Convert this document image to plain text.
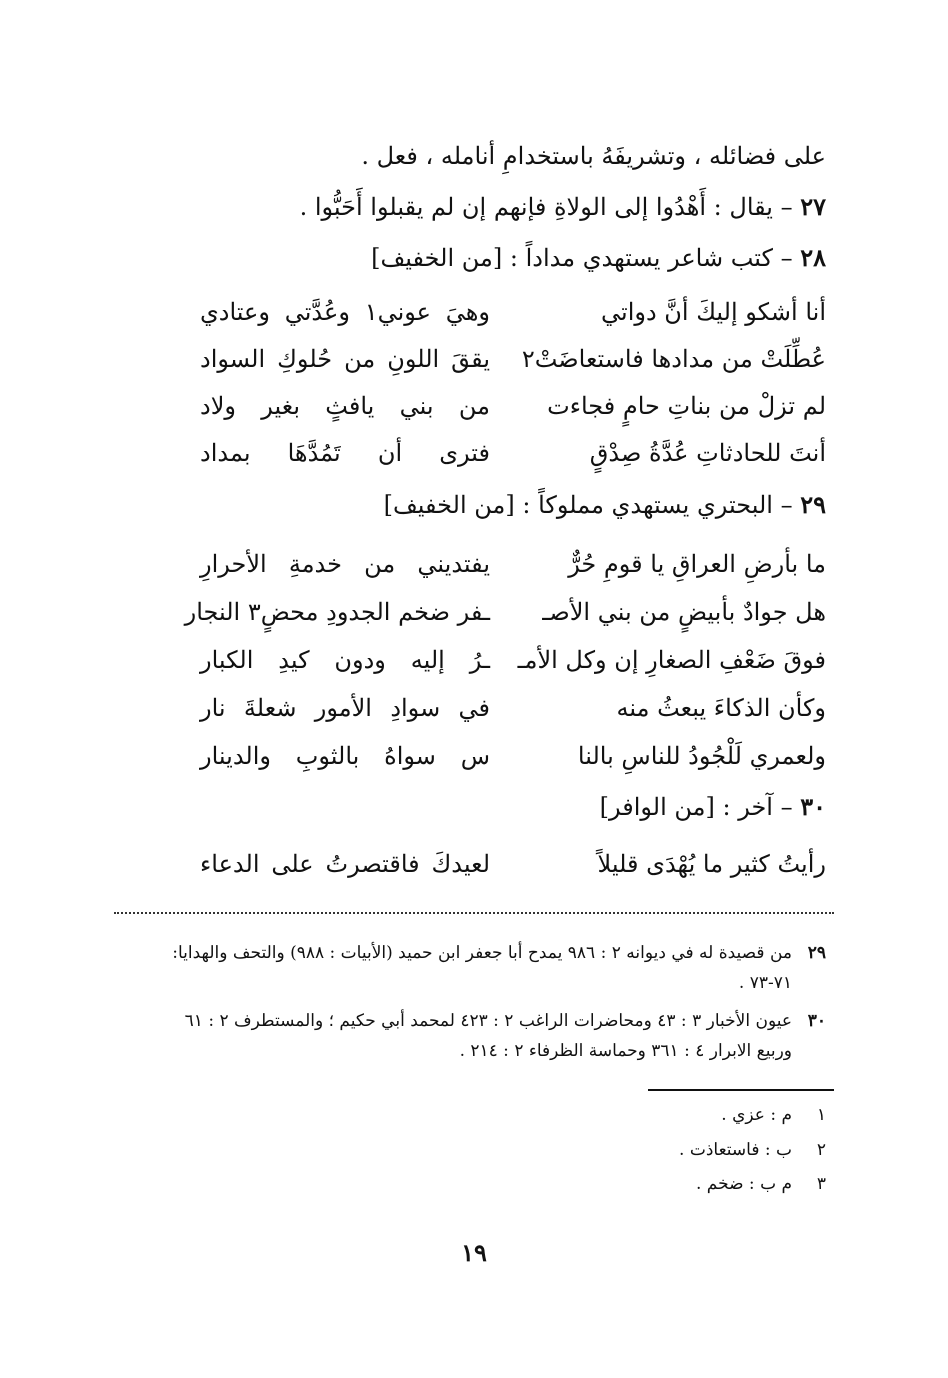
على فضائله ، وتشريفَهُ باستخدامِ أنامله ، فعل .
٢٧ – يقال : أَهْدُوا إلى الولاةِ فإنهم إن لم يقبلوا أَحَبُّوا .
٢٨ – كتب شاعر يستهدي مداداً : [من الخفيف]
أنا أشكو إليكَ أنَّ دواتي
وهيَ عوني١ وعُدَّتي وعتادي
عُطِّلَتْ من مدادها فاستعاضَتْ٢
يققَ اللونِ من حُلوكِ السواد
لم تزلْ من بناتِ حامٍ فجاءت
من بني يافثٍ بغير ولاد
أنتَ للحادثاتِ عُدَّةُ صِدْقٍ
فترى أن تَمُدَّهَا بمداد
٢٩ – البحتري يستهدي مملوكاً : [من الخفيف]
ما بأرضِ العراقِ يا قومِ حُرٌّ
يفتديني من خدمةِ الأحرارِ
هل جوادٌ بأبيضٍ من بني الأصـ
ـفر ضخم الجدودِ محضٍ٣ النجار
فوقَ ضَعْفِ الصغارِ إن وكل الأمـ
ـرُ إليه ودون كيدِ الكبار
وكأن الذكاءَ يبعثُ منه
في سوادِ الأمور شعلةَ نار
ولعمري لَلْجُودُ للناسِ بالنا
س سواهُ بالثوبِ والدينار
٣٠ – آخر : [من الوافر]
رأيتُ كثير ما يُهْدَى قليلاً
لعيدكَ فاقتصرتُ على الدعاء
٢٩
من قصيدة له في ديوانه ٢ : ٩٨٦ يمدح أبا جعفر ابن حميد (الأبيات : ٩٨٨) والتحف والهدايا: ٧١-٧٣ .
٣٠
عيون الأخبار ٣ : ٤٣ ومحاضرات الراغب ٢ : ٤٢٣ لمحمد أبي حكيم ؛ والمستطرف ٢ : ٦١ وربيع الابرار ٤ : ٣٦١ وحماسة الظرفاء ٢ : ٢١٤ .
١م : عزي .
٢ب : فاستعاذت .
٣م ب : ضخم .
١٩
